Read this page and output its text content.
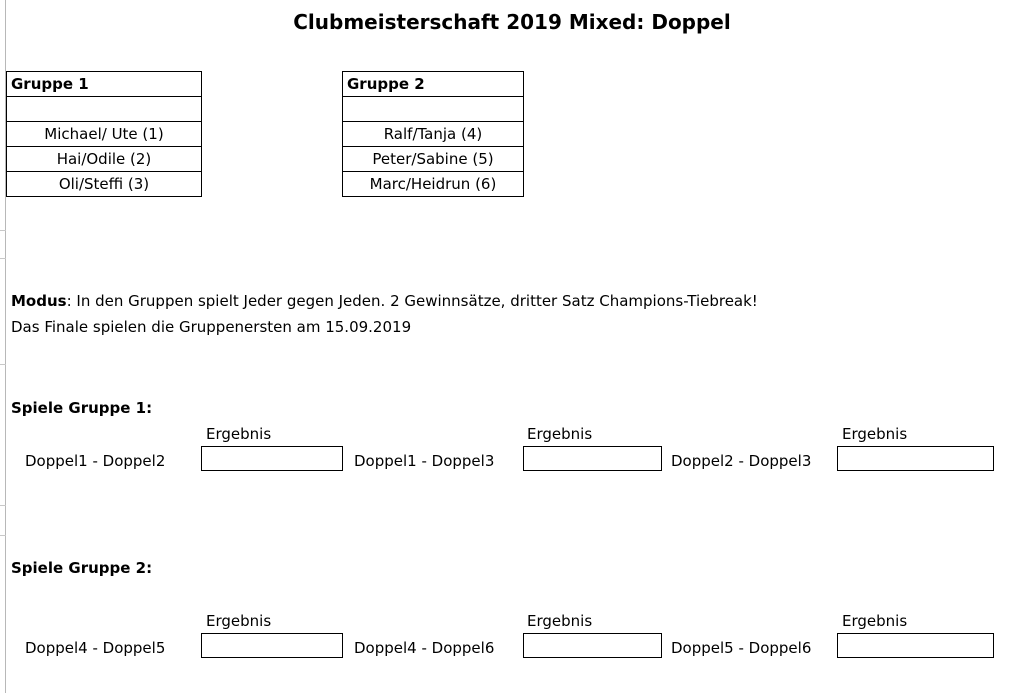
Clubmeisterschaft 2019 Mixed: Doppel
Gruppe 1

Michael/ Ute (1)
Hai/Odile (2)
Oli/Steffi (3)
Gruppe 2

Ralf/Tanja (4)
Peter/Sabine (5)
Marc/Heidrun (6)
Modus: In den Gruppen spielt Jeder gegen Jeden. 2 Gewinnsätze, dritter Satz Champions-Tiebreak!
Das Finale spielen die Gruppenersten am 15.09.2019
Spiele Gruppe 1:
Ergebnis	Ergebnis	Ergebnis
Doppel1 - Doppel2	Doppel1 - Doppel3	Doppel2 - Doppel3
Spiele Gruppe 2:
Ergebnis	Ergebnis	Ergebnis
Doppel4 - Doppel5	Doppel4 - Doppel6	Doppel5 - Doppel6
